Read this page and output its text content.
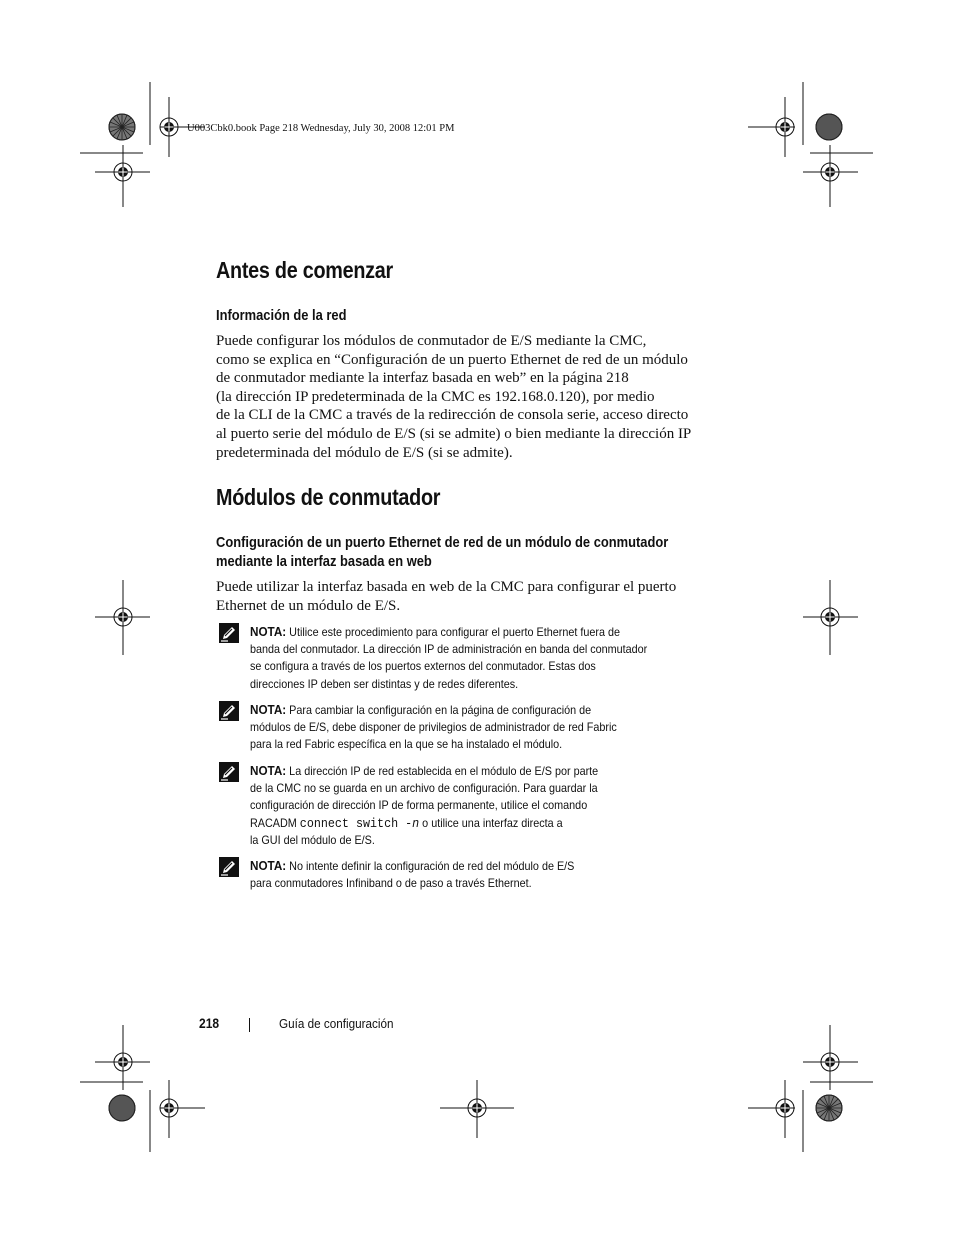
U003Cbk0.book Page 218 Wednesday, July 30, 2008 12:01 PM
Antes de comenzar
Información de la red
Puede configurar los módulos de conmutador de E/S mediante la CMC,
como se explica en “Configuración de un puerto Ethernet de red de un módulo
de conmutador mediante la interfaz basada en web” en la página 218
(la dirección IP predeterminada de la CMC es 192.168.0.120), por medio
de la CLI de la CMC a través de la redirección de consola serie, acceso directo
al puerto serie del módulo de E/S (si se admite) o bien mediante la dirección IP
predeterminada del módulo de E/S (si se admite).
Módulos de conmutador
Configuración de un puerto Ethernet de red de un módulo de conmutador
mediante la interfaz basada en web
Puede utilizar la interfaz basada en web de la CMC para configurar el puerto
Ethernet de un módulo de E/S.
NOTA: Utilice este procedimiento para configurar el puerto Ethernet fuera de
banda del conmutador. La dirección IP de administración en banda del conmutador
se configura a través de los puertos externos del conmutador. Estas dos
direcciones IP deben ser distintas y de redes diferentes.
NOTA: Para cambiar la configuración en la página de configuración de
módulos de E/S, debe disponer de privilegios de administrador de red Fabric
para la red Fabric específica en la que se ha instalado el módulo.
NOTA: La dirección IP de red establecida en el módulo de E/S por parte
de la CMC no se guarda en un archivo de configuración. Para guardar la
configuración de dirección IP de forma permanente, utilice el comando
RACADM connect switch -n o utilice una interfaz directa a
la GUI del módulo de E/S.
NOTA: No intente definir la configuración de red del módulo de E/S
para conmutadores Infiniband o de paso a través Ethernet.
218	Guía de configuración
